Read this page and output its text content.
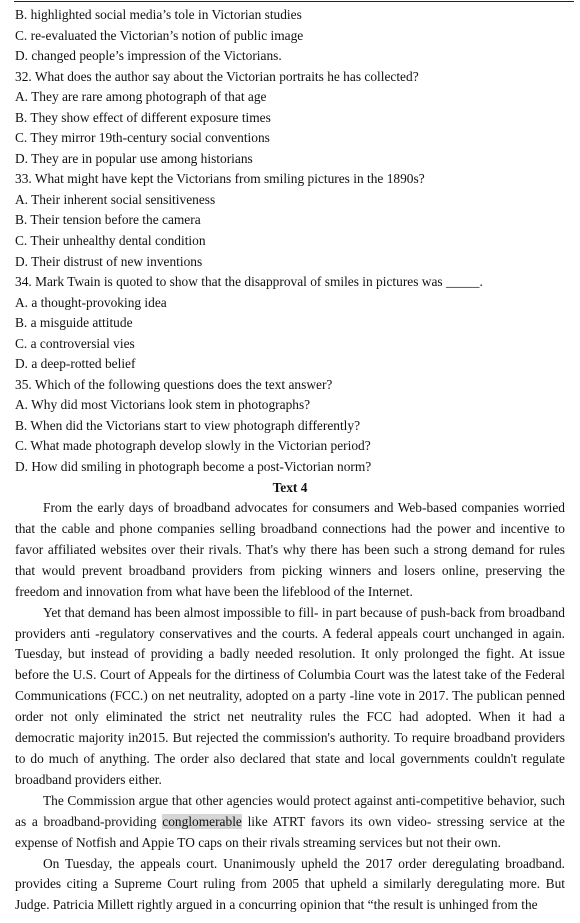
B. highlighted social media’s tole in Victorian studies
C. re-evaluated the Victorian’s notion of public image
D. changed people’s impression of the Victorians.
32. What does the author say about the Victorian portraits he has collected?
A. They are rare among photograph of that age
B. They show effect of different exposure times
C. They mirror 19th-century social conventions
D. They are in popular use among historians
33. What might have kept the Victorians from smiling pictures in the 1890s?
A. Their inherent social sensitiveness
B. Their tension before the camera
C. Their unhealthy dental condition
D. Their distrust of new inventions
34. Mark Twain is quoted to show that the disapproval of smiles in pictures was _____.
A. a thought-provoking idea
B. a misguide attitude
C. a controversial vies
D. a deep-rotted belief
35. Which of the following questions does the text answer?
A. Why did most Victorians look stem in photographs?
B. When did the Victorians start to view photograph differently?
C. What made photograph develop slowly in the Victorian period?
D. How did smiling in photograph become a post-Victorian norm?
Text 4

From the early days of broadband advocates for consumers and Web-based companies worried that the cable and phone companies selling broadband connections had the power and incentive to favor affiliated websites over their rivals. That's why there has been such a strong demand for rules that would prevent broadband providers from picking winners and losers online, preserving the freedom and innovation from what have been the lifeblood of the Internet.

Yet that demand has been almost impossible to fill- in part because of push-back from broadband providers anti -regulatory conservatives and the courts. A federal appeals court unchanged in again. Tuesday, but instead of providing a badly needed resolution. It only prolonged the fight. At issue before the U.S. Court of Appeals for the dirtiness of Columbia Court was the latest take of the Federal Communications (FCC.) on net neutrality, adopted on a party -line vote in 2017. The publican penned order not only eliminated the strict net neutrality rules the FCC had adopted. When it had a democratic majority in2015. But rejected the commission's authority. To require broadband providers to do much of anything. The order also declared that state and local governments couldn't regulate broadband providers either.

The Commission argue that other agencies would protect against anti-competitive behavior, such as a broadband-providing conglomerable like ATRT favors its own video- stressing service at the expense of Notfish and Appie TO caps on their rivals streaming services but not their own.

On Tuesday, the appeals court. Unanimously upheld the 2017 order deregulating broadband. provides citing a Supreme Court ruling from 2005 that upheld a similarly deregulating more. But Judge. Patricia Millett rightly argued in a concurring opinion that “the result is unhinged from the
